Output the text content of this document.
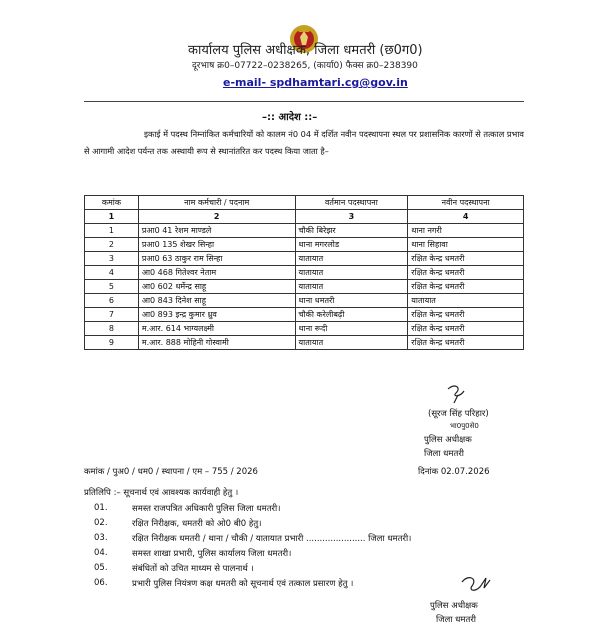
कार्यालय पुलिस अधीक्षक, जिला धमतरी (छ0ग0)
दूरभाष क्र0–07722–0238265, (कार्या0) फैक्स क्र0–238390
e-mail- spdhamtari.cg@gov.in
–:: आदेश ::–
इकाई में पदस्थ निम्नांकित कर्मचारियों को कालम नं0 04 में दर्शित नवीन पदस्थापना स्थल पर प्रशासनिक कारणों से तत्काल प्रभाव से आगामी आदेश पर्यन्त तक अस्थायी रूप से स्थानांतरित कर पदस्थ किया जाता है–
कमांक	नाम कर्मचारी / पदनाम	वर्तमान पदस्थापना	नवीन पदस्थापना
1	2	3	4
1	प्रआ0 41 रेशम माण्डले	चौकी बिरेझर	थाना नगरी
2	प्रआ0 135 शेखर सिन्हा	थाना मगरलोड	थाना सिहावा
3	प्रआ0 63 ठाकुर राम सिन्हा	यातायात	रक्षित केन्द्र धमतरी
4	आ0 468 गितेश्वर नेताम	यातायात	रक्षित केन्द्र धमतरी
5	आ0 602 धर्मेन्द्र साहू	यातायात	रक्षित केन्द्र धमतरी
6	आ0 843 दिनेश साहू	थाना धमतरी	यातायात
7	आ0 893 इन्द्र कुमार ध्रुव	चौकी करेलीबढ़ी	रक्षित केन्द्र धमतरी
8	म.आर. 614 भाग्यलक्ष्मी	थाना रूदी	रक्षित केन्द्र धमतरी
9	म.आर. 888 मोहिनी गोस्वामी	यातायात	रक्षित केन्द्र धमतरी
(सूरज सिंह परिहार)
भा0पु0से0
पुलिस अधीक्षक
जिला धमतरी
कमांक / पुअ0 / धम0 / स्थापना / एम – 755 / 2026	दिनांक 02.07.2026
प्रतिलिपि :– सूचनार्थ एवं आवश्यक कार्यवाही हेतु ।
01.	समस्त राजपत्रित अधिकारी पुलिस जिला धमतरी।
02.	रक्षित निरीक्षक, धमतरी को ओ0 बी0 हेतु।
03.	रक्षित निरीक्षक धमतरी / थाना / चौकी / यातायात प्रभारी ...................... जिला धमतरी।
04.	समस्त शाखा प्रभारी, पुलिस कार्यालय जिला धमतरी।
05.	संबंधितों को उचित माध्यम से पालनार्थ ।
06.	प्रभारी पुलिस नियंत्रण कक्ष धमतरी को सूचनार्थ एवं तत्काल प्रसारण हेतु ।
पुलिस अधीक्षक
जिला धमतरी
